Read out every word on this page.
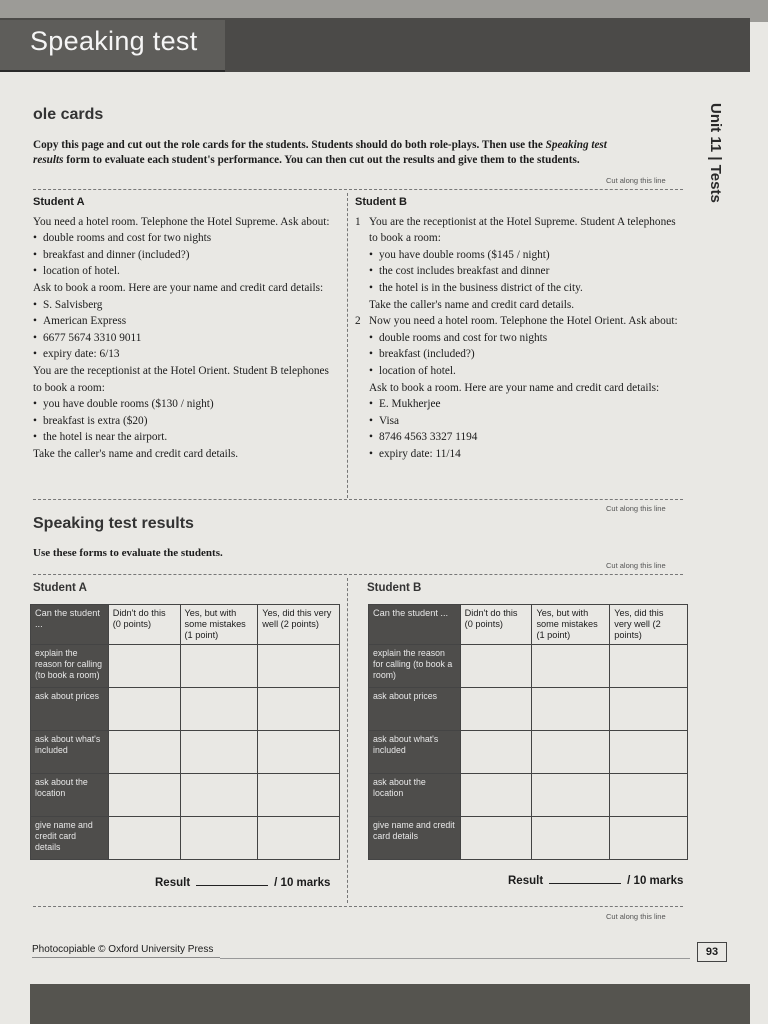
Speaking test
Unit 11 | Tests
ole cards
Copy this page and cut out the role cards for the students. Students should do both role-plays. Then use the Speaking test
results form to evaluate each student's performance. You can then cut out the results and give them to the students.
Cut along this line
Student A
You need a hotel room. Telephone the Hotel Supreme. Ask about:
• double rooms and cost for two nights
• breakfast and dinner (included?)
• location of hotel.
Ask to book a room. Here are your name and credit card details:
• S. Salvisberg
• American Express
• 6677 5674 3310 9011
• expiry date: 6/13
You are the receptionist at the Hotel Orient. Student B telephones to book a room:
• you have double rooms ($130 / night)
• breakfast is extra ($20)
• the hotel is near the airport.
Take the caller's name and credit card details.
Student B
1 You are the receptionist at the Hotel Supreme. Student A telephones to book a room:
• you have double rooms ($145 / night)
• the cost includes breakfast and dinner
• the hotel is in the business district of the city.
Take the caller's name and credit card details.
2 Now you need a hotel room. Telephone the Hotel Orient. Ask about:
• double rooms and cost for two nights
• breakfast (included?)
• location of hotel.
Ask to book a room. Here are your name and credit card details:
• E. Mukherjee
• Visa
• 8746 4563 3327 1194
• expiry date: 11/14
Cut along this line
Speaking test results
Use these forms to evaluate the students.
Cut along this line
Student A	Student B
Can the student ...	Didn't do this (0 points)	Yes, but with some mistakes (1 point)	Yes, did this very well (2 points)
explain the reason for calling (to book a room)			
ask about prices			
ask about what's included			
ask about the location			
give name and credit card details			
Can the student ...	Didn't do this (0 points)	Yes, but with some mistakes (1 point)	Yes, did this very well (2 points)
explain the reason for calling (to book a room)			
ask about prices			
ask about what's included			
ask about the location			
give name and credit card details			
Result	/ 10 marks	Result	/ 10 marks
Cut along this line
Photocopiable © Oxford University Press	93
